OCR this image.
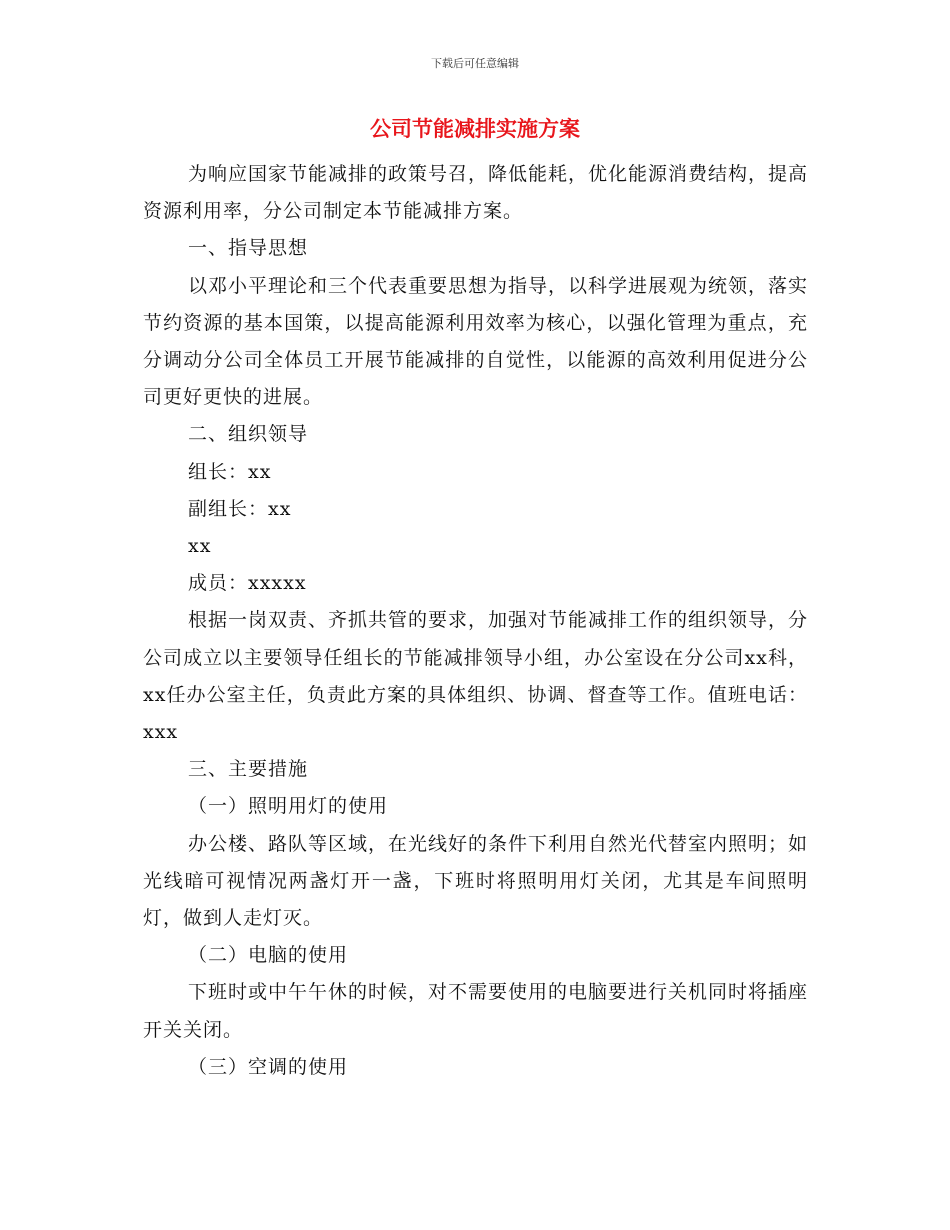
下载后可任意编辑
公司节能减排实施方案

为响应国家节能减排的政策号召，降低能耗，优化能源消费结构，提高资源利用率，分公司制定本节能减排方案。

一、指导思想

以邓小平理论和三个代表重要思想为指导，以科学进展观为统领，落实节约资源的基本国策，以提高能源利用效率为核心，以强化管理为重点，充分调动分公司全体员工开展节能减排的自觉性，以能源的高效利用促进分公司更好更快的进展。

二、组织领导

组长：xx

副组长：xx

xx

成员：xxxxx

根据一岗双责、齐抓共管的要求，加强对节能减排工作的组织领导，分公司成立以主要领导任组长的节能减排领导小组，办公室设在分公司xx科，xx任办公室主任，负责此方案的具体组织、协调、督查等工作。值班电话：xxx

三、主要措施

（一）照明用灯的使用

办公楼、路队等区域，在光线好的条件下利用自然光代替室内照明；如光线暗可视情况两盏灯开一盏，下班时将照明用灯关闭，尤其是车间照明灯，做到人走灯灭。

（二）电脑的使用

下班时或中午午休的时候，对不需要使用的电脑要进行关机同时将插座开关关闭。

（三）空调的使用
